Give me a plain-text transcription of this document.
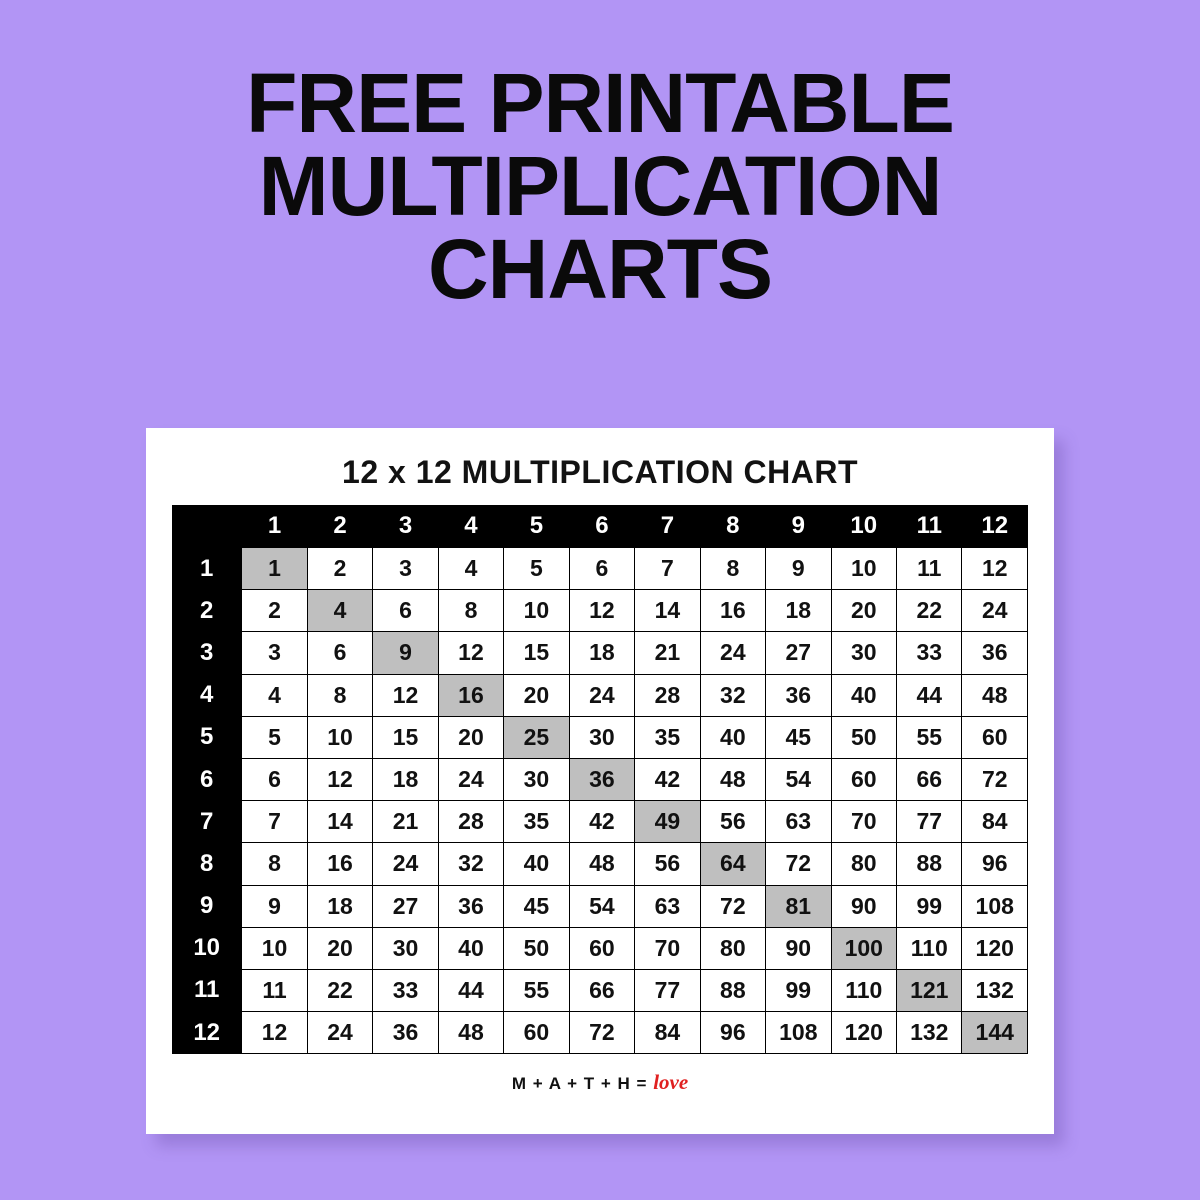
FREE PRINTABLE
MULTIPLICATION
CHARTS
12 x 12 MULTIPLICATION CHART
	1	2	3	4	5	6	7	8	9	10	11	12
1	1	2	3	4	5	6	7	8	9	10	11	12
2	2	4	6	8	10	12	14	16	18	20	22	24
3	3	6	9	12	15	18	21	24	27	30	33	36
4	4	8	12	16	20	24	28	32	36	40	44	48
5	5	10	15	20	25	30	35	40	45	50	55	60
6	6	12	18	24	30	36	42	48	54	60	66	72
7	7	14	21	28	35	42	49	56	63	70	77	84
8	8	16	24	32	40	48	56	64	72	80	88	96
9	9	18	27	36	45	54	63	72	81	90	99	108
10	10	20	30	40	50	60	70	80	90	100	110	120
11	11	22	33	44	55	66	77	88	99	110	121	132
12	12	24	36	48	60	72	84	96	108	120	132	144
M + A + T + H = love
